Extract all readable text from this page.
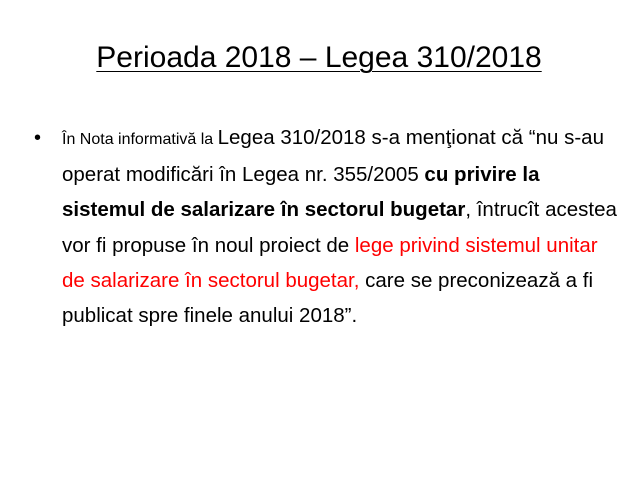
Perioada 2018 – Legea 310/2018
• În Nota informativă la Legea 310/2018 s-a menţionat că “nu s-au operat modificări în Legea nr. 355/2005 cu privire la sistemul de salarizare în sectorul bugetar, întrucît acestea vor fi propuse în noul proiect de lege privind sistemul unitar de salarizare în sectorul bugetar, care se preconizează a fi publicat spre finele anului 2018”.
